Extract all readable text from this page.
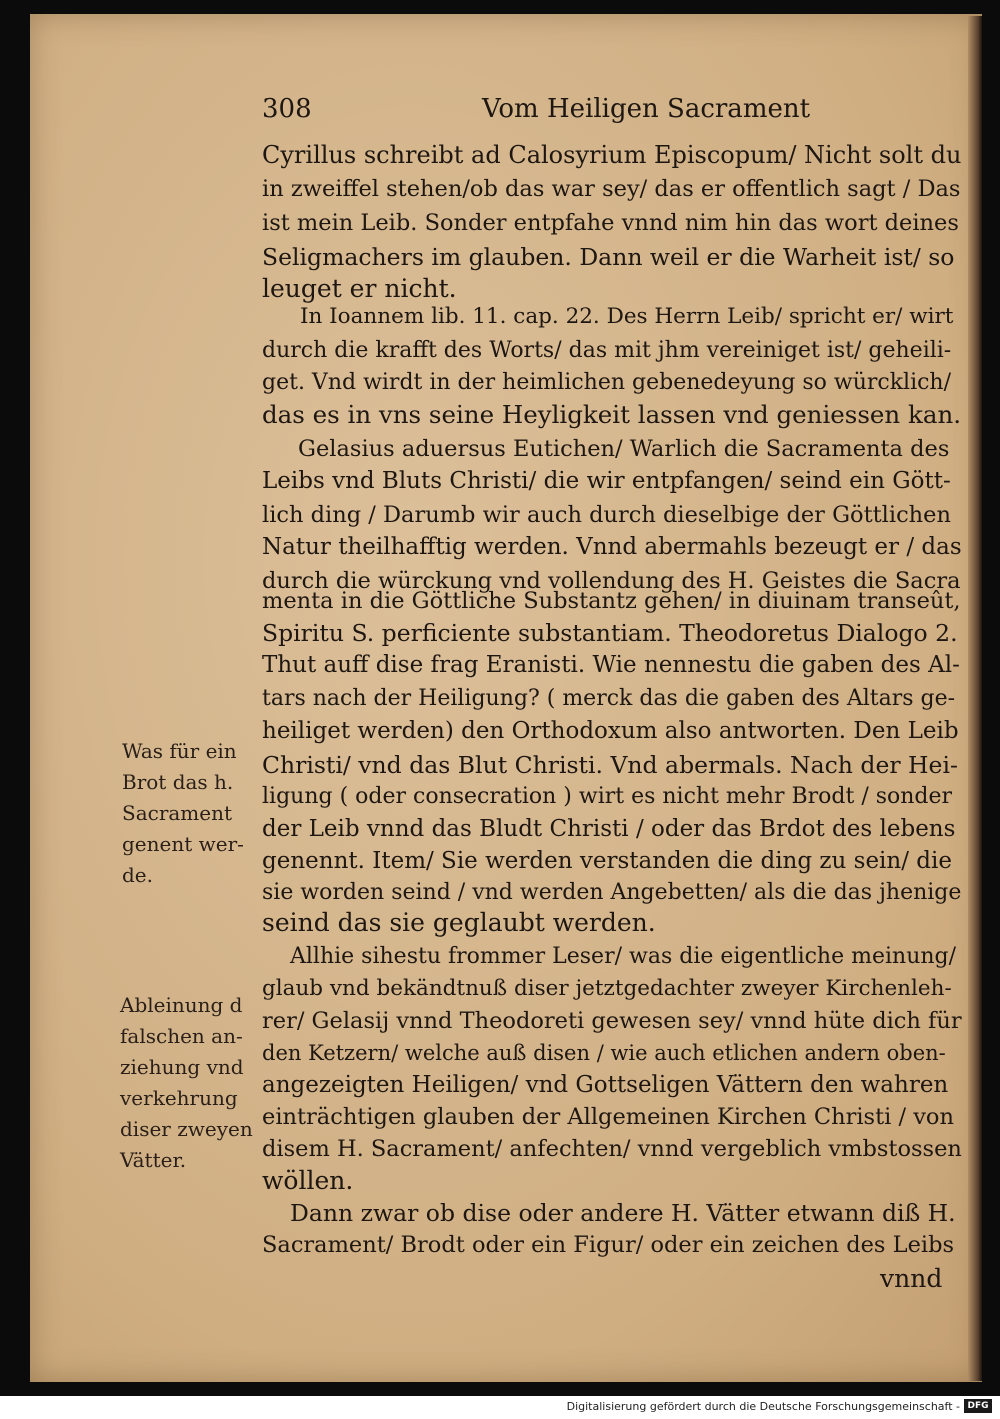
308	Vom Heiligen Sacrament
Cyrillus schreibt ad Calosyrium Episcopum/ Nicht solt du
in zweiffel stehen/ob das war sey/ das er offentlich sagt / Das
ist mein Leib. Sonder entpfahe vnnd nim hin das wort deines
Seligmachers im glauben. Dann weil er die Warheit ist/ so
leuget er nicht.
In Ioannem lib. 11. cap. 22. Des Herrn Leib/ spricht er/ wirt
durch die krafft des Worts/ das mit jhm vereiniget ist/ geheili-
get. Vnd wirdt in der heimlichen gebenedeyung so würcklich/
das es in vns seine Heyligkeit lassen vnd geniessen kan.
Gelasius aduersus Eutichen/ Warlich die Sacramenta des
Leibs vnd Bluts Christi/ die wir entpfangen/ seind ein Gött-
lich ding / Darumb wir auch durch dieselbige der Göttlichen
Natur theilhafftig werden. Vnnd abermahls bezeugt er / das
durch die würckung vnd vollendung des H. Geistes die Sacra
menta in die Göttliche Substantz gehen/ in diuinam transeût,
Spiritu S. perficiente substantiam. Theodoretus Dialogo 2.
Thut auff dise frag Eranisti. Wie nennestu die gaben des Al-
tars nach der Heiligung? ( merck das die gaben des Altars ge-
heiliget werden) den Orthodoxum also antworten. Den Leib
Christi/ vnd das Blut Christi. Vnd abermals. Nach der Hei-
ligung ( oder consecration ) wirt es nicht mehr Brodt / sonder
der Leib vnnd das Bludt Christi / oder das Brdot des lebens
genennt. Item/ Sie werden verstanden die ding zu sein/ die
sie worden seind / vnd werden Angebetten/ als die das jhenige
seind das sie geglaubt werden.
Allhie sihestu frommer Leser/ was die eigentliche meinung/
glaub vnd bekändtnuß diser jetztgedachter zweyer Kirchenleh-
rer/ Gelasij vnnd Theodoreti gewesen sey/ vnnd hüte dich für
den Ketzern/ welche auß disen / wie auch etlichen andern oben-
angezeigten Heiligen/ vnd Gottseligen Vättern den wahren
einträchtigen glauben der Allgemeinen Kirchen Christi / von
disem H. Sacrament/ anfechten/ vnnd vergeblich vmbstossen
wöllen.
Dann zwar ob dise oder andere H. Vätter etwann diß H.
Sacrament/ Brodt oder ein Figur/ oder ein zeichen des Leibs
vnnd
Was für ein
Brot das h.
Sacrament
genent wer-
de.
Ableinung d
falschen an-
ziehung vnd
verkehrung
diser zweyen
Vätter.
Digitalisierung gefördert durch die Deutsche Forschungsgemeinschaft - DFG
